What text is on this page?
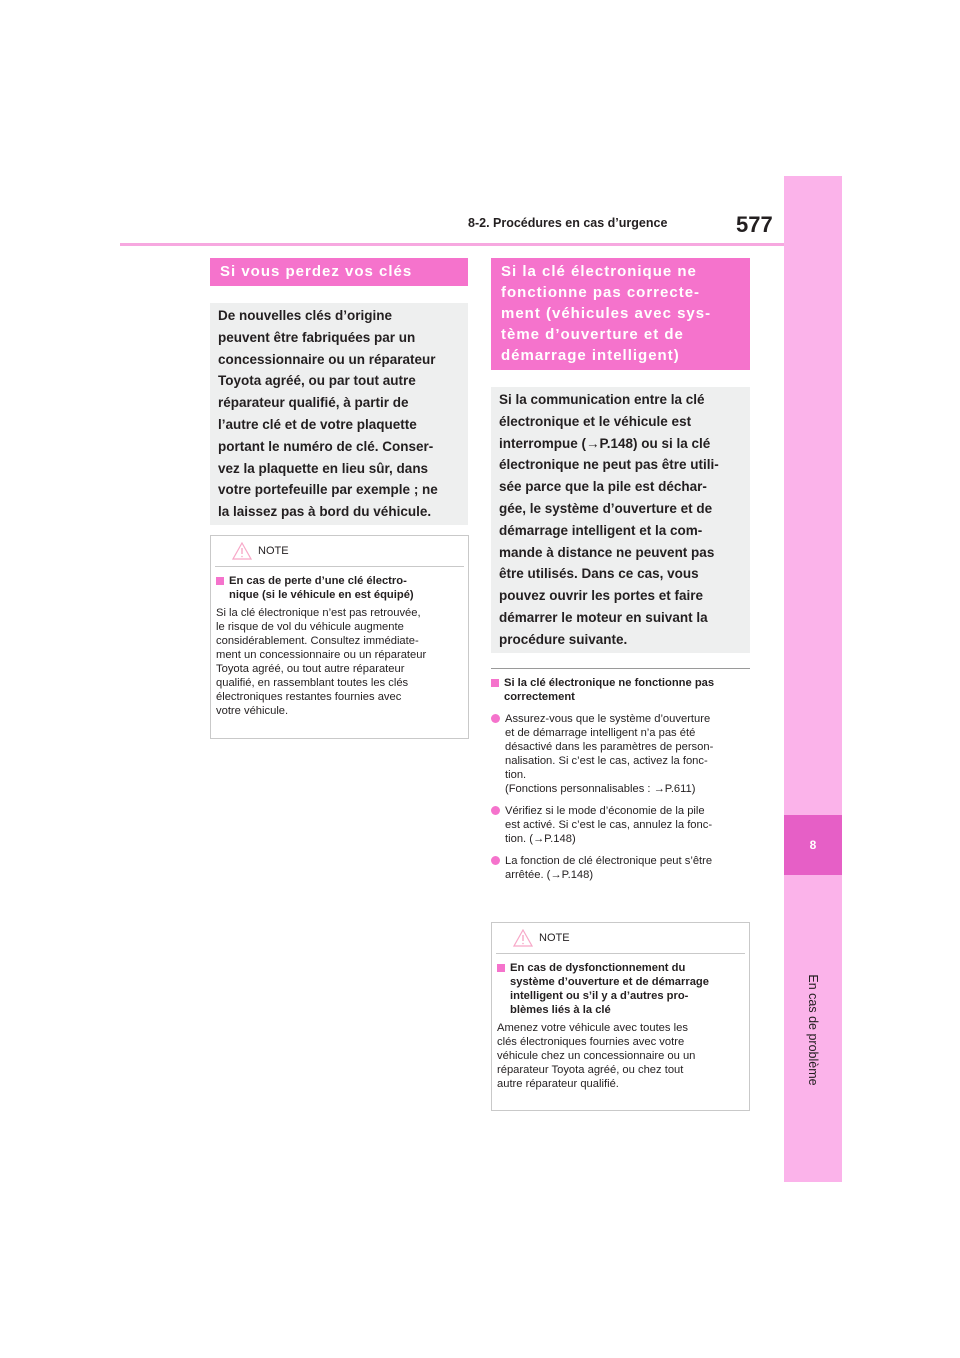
8-2. Procédures en cas d’urgence	577
8
En cas de problème
Si vous perdez vos clés
De nouvelles clés d’origine
peuvent être fabriquées par un
concessionnaire ou un réparateur
Toyota agréé, ou par tout autre
réparateur qualifié, à partir de
l’autre clé et de votre plaquette
portant le numéro de clé. Conser-
vez la plaquette en lieu sûr, dans
votre portefeuille par exemple ; ne
la laissez pas à bord du véhicule.
NOTE
En cas de perte d’une clé électro-
nique (si le véhicule en est équipé)
Si la clé électronique n’est pas retrouvée,
le risque de vol du véhicule augmente
considérablement. Consultez immédiate-
ment un concessionnaire ou un réparateur
Toyota agréé, ou tout autre réparateur
qualifié, en rassemblant toutes les clés
électroniques restantes fournies avec
votre véhicule.
Si la clé électronique ne
fonctionne pas correcte-
ment (véhicules avec sys-
tème d’ouverture et de
démarrage intelligent)
Si la communication entre la clé
électronique et le véhicule est
interrompue (→P.148) ou si la clé
électronique ne peut pas être utili-
sée parce que la pile est déchar-
gée, le système d’ouverture et de
démarrage intelligent et la com-
mande à distance ne peuvent pas
être utilisés. Dans ce cas, vous
pouvez ouvrir les portes et faire
démarrer le moteur en suivant la
procédure suivante.
Si la clé électronique ne fonctionne pas
correctement
Assurez-vous que le système d’ouverture
et de démarrage intelligent n’a pas été
désactivé dans les paramètres de person-
nalisation. Si c’est le cas, activez la fonc-
tion.
(Fonctions personnalisables : →P.611)
Vérifiez si le mode d’économie de la pile
est activé. Si c’est le cas, annulez la fonc-
tion. (→P.148)
La fonction de clé électronique peut s’être
arrêtée. (→P.148)
NOTE
En cas de dysfonctionnement du
système d’ouverture et de démarrage
intelligent ou s’il y a d’autres pro-
blèmes liés à la clé
Amenez votre véhicule avec toutes les
clés électroniques fournies avec votre
véhicule chez un concessionnaire ou un
réparateur Toyota agréé, ou chez tout
autre réparateur qualifié.
